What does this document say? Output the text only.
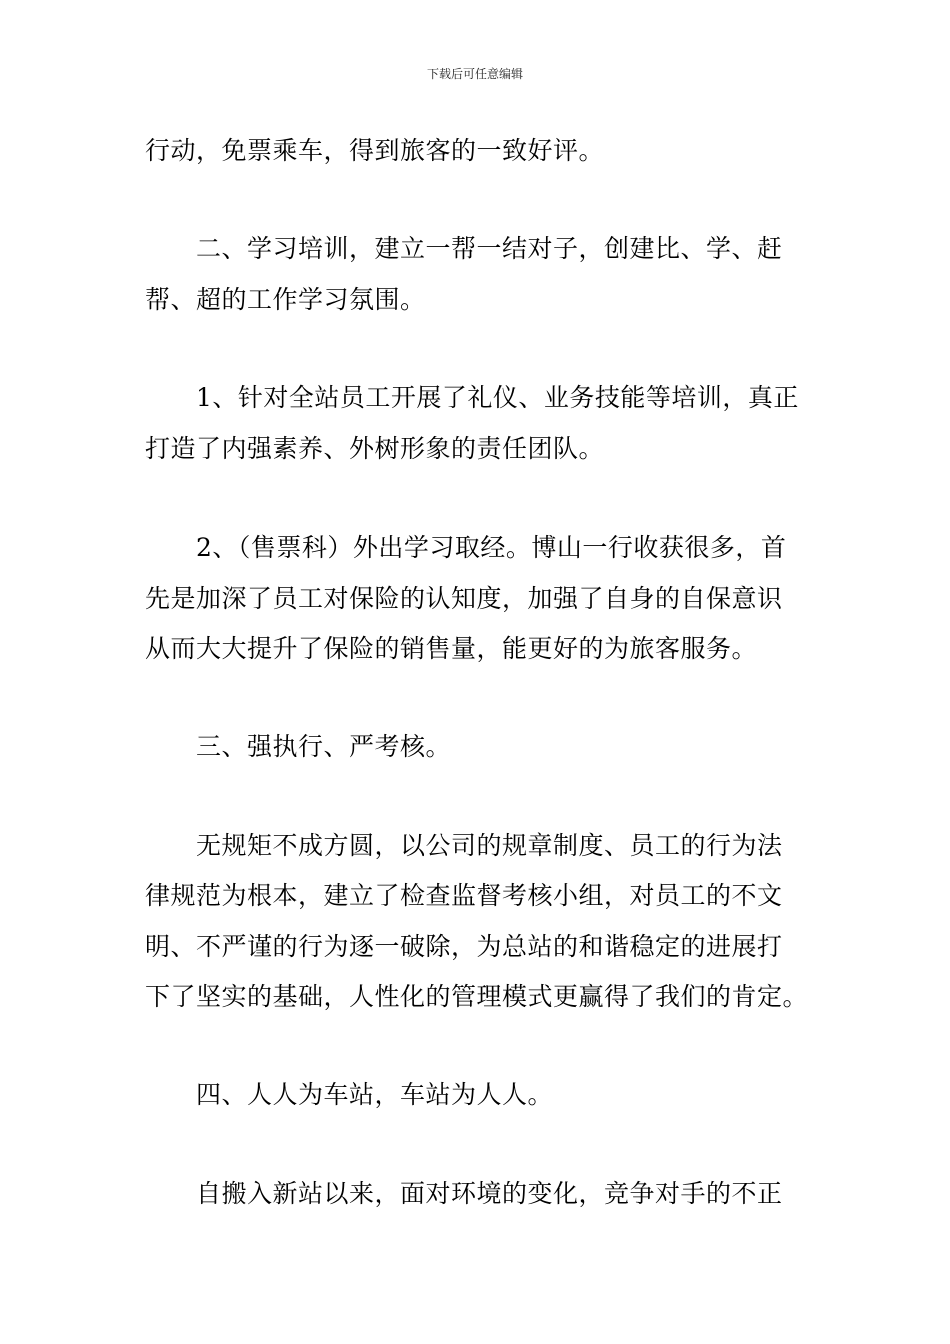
下载后可任意编辑
行动，免票乘车，得到旅客的一致好评。
二、学习培训，建立一帮一结对子，创建比、学、赶
帮、超的工作学习氛围。
1、针对全站员工开展了礼仪、业务技能等培训，真正
打造了内强素养、外树形象的责任团队。
2、（售票科）外出学习取经。博山一行收获很多，首
先是加深了员工对保险的认知度，加强了自身的自保意识
从而大大提升了保险的销售量，能更好的为旅客服务。
三、强执行、严考核。
无规矩不成方圆，以公司的规章制度、员工的行为法
律规范为根本，建立了检查监督考核小组，对员工的不文
明、不严谨的行为逐一破除，为总站的和谐稳定的进展打
下了坚实的基础，人性化的管理模式更赢得了我们的肯定。
四、人人为车站，车站为人人。
自搬入新站以来，面对环境的变化，竞争对手的不正
